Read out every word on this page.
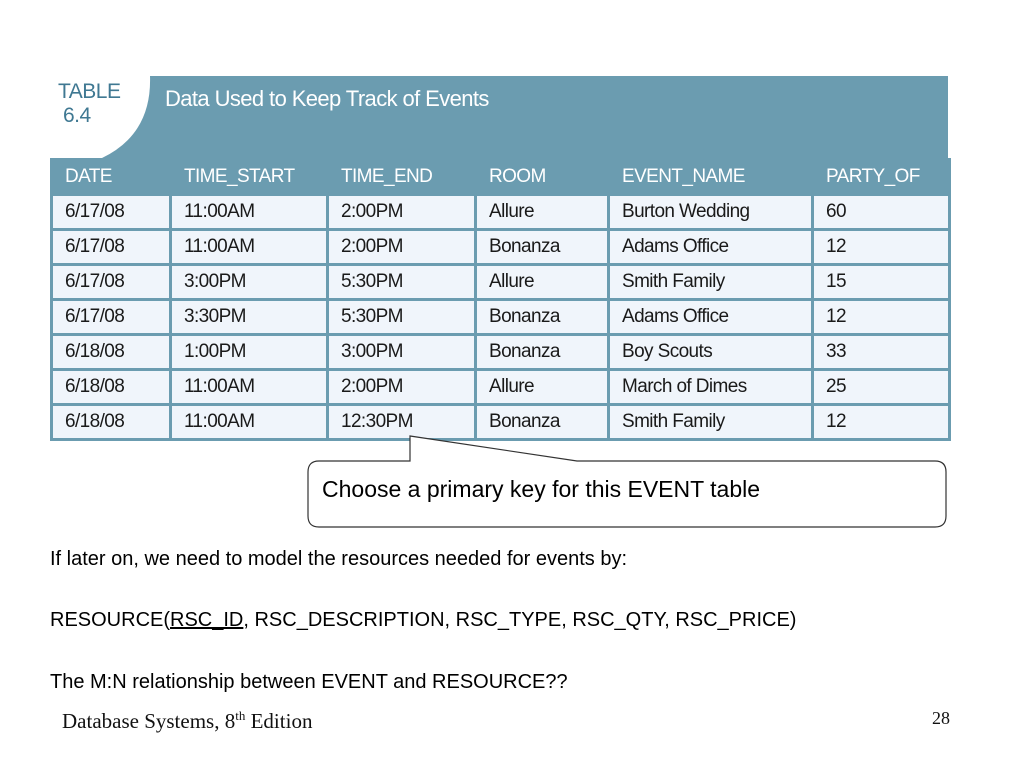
TABLE
6.4
Data Used to Keep Track of Events
DATE	TIME_START	TIME_END	ROOM	EVENT_NAME	PARTY_OF
6/17/08	11:00AM	2:00PM	Allure	Burton Wedding	60
6/17/08	11:00AM	2:00PM	Bonanza	Adams Office	12
6/17/08	3:00PM	5:30PM	Allure	Smith Family	15
6/17/08	3:30PM	5:30PM	Bonanza	Adams Office	12
6/18/08	1:00PM	3:00PM	Bonanza	Boy Scouts	33
6/18/08	11:00AM	2:00PM	Allure	March of Dimes	25
6/18/08	11:00AM	12:30PM	Bonanza	Smith Family	12
Choose a primary key for this EVENT table
If later on, we need to model the resources needed for events by:
RESOURCE(RSC_ID, RSC_DESCRIPTION, RSC_TYPE, RSC_QTY, RSC_PRICE)
The M:N relationship between EVENT and RESOURCE??
Database Systems, 8th Edition	28
